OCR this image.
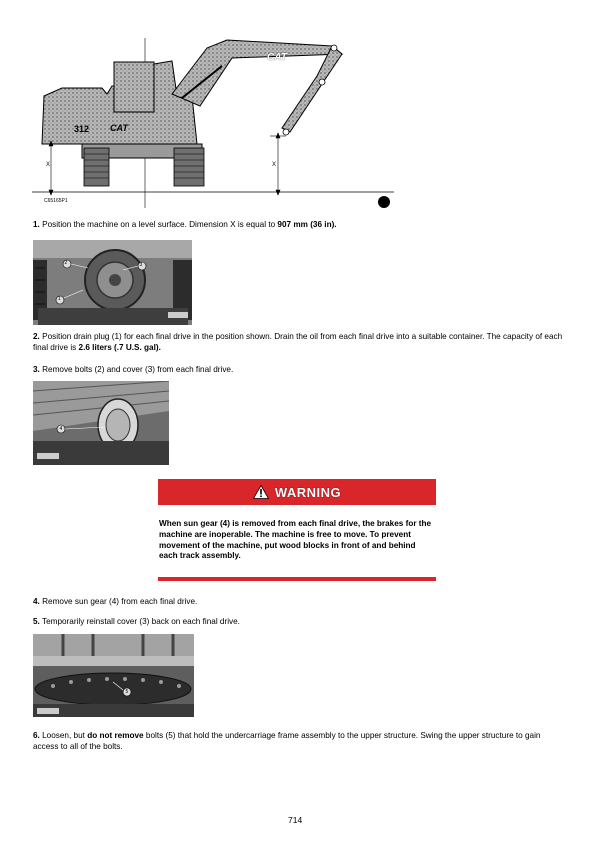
X	X
312 CAT
CAT
C65165P1
1. Position the machine on a level surface. Dimension X is equal to 907 mm (36 in).
2	3
1
2. Position drain plug (1) for each final drive in the position shown. Drain the oil from each final drive into a suitable container. The capacity of each final drive is 2.6 liters (.7 U.S. gal).
3. Remove bolts (2) and cover (3) from each final drive.
4
WARNING
When sun gear (4) is removed from each final drive, the brakes for the machine are inoperable. The machine is free to move. To prevent movement of the machine, put wood blocks in front of and behind each track assembly.
4. Remove sun gear (4) from each final drive.
5. Temporarily reinstall cover (3) back on each final drive.
5
6. Loosen, but do not remove bolts (5) that hold the undercarriage frame assembly to the upper structure. Swing the upper structure to gain access to all of the bolts.
714
